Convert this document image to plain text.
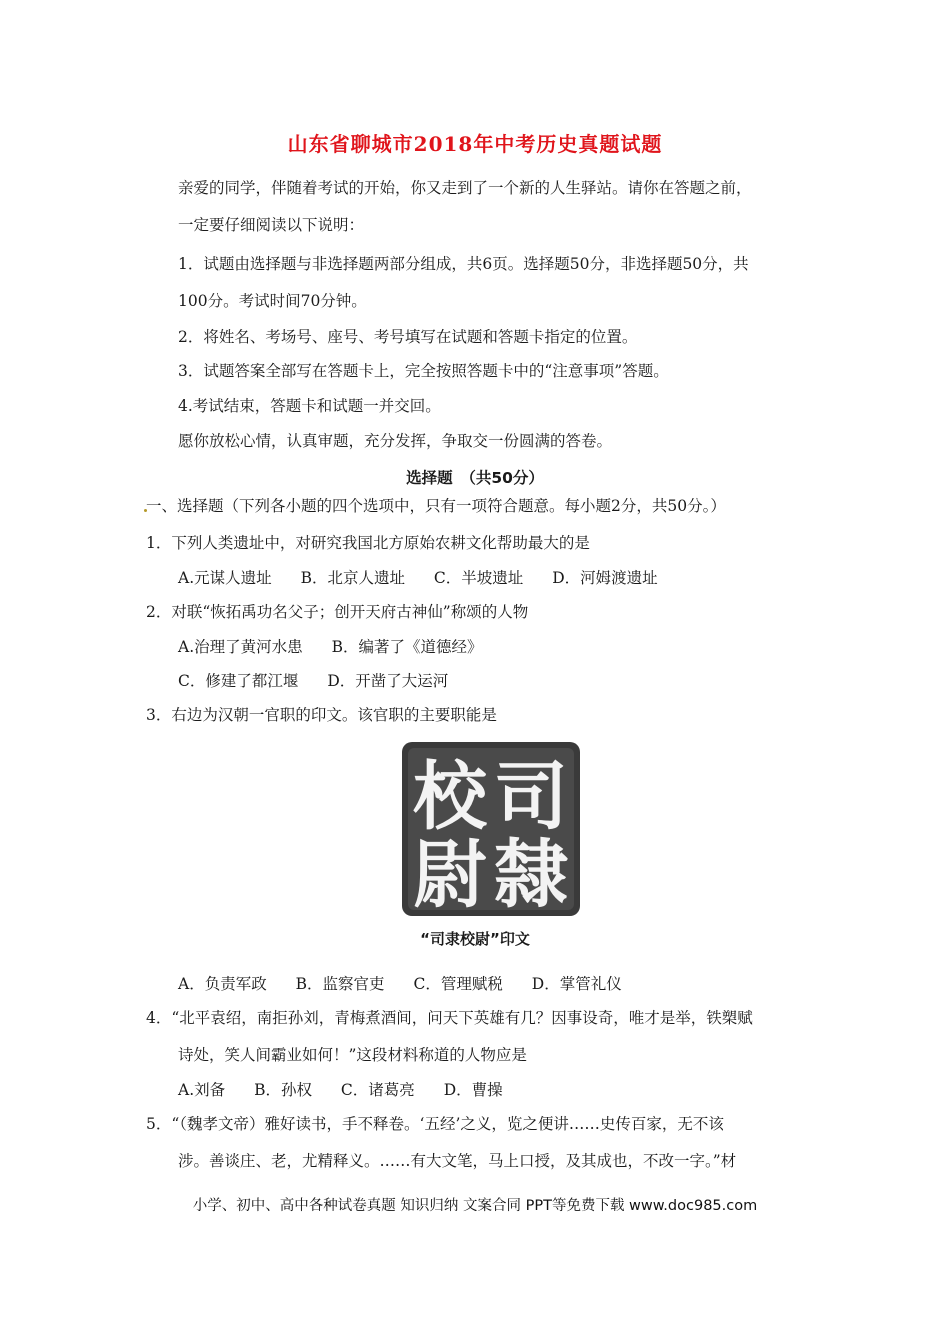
山东省聊城市2018年中考历史真题试题
亲爱的同学，伴随着考试的开始，你又走到了一个新的人生驿站。请你在答题之前，
一定要仔细阅读以下说明：
1．试题由选择题与非选择题两部分组成，共6页。选择题50分，非选择题50分，共
100分。考试时间70分钟。
2．将姓名、考场号、座号、考号填写在试题和答题卡指定的位置。
3．试题答案全部写在答题卡上，完全按照答题卡中的“注意事项”答题。
4.考试结束，答题卡和试题一并交回。
愿你放松心情，认真审题，充分发挥，争取交一份圆满的答卷。
选择题　（共50分）
一、选择题（下列各小题的四个选项中，只有一项符合题意。每小题2分，共50分。）
1．下列人类遗址中，对研究我国北方原始农耕文化帮助最大的是
A.元谋人遗址 B．北京人遗址 C．半坡遗址 D．河姆渡遗址
2．对联“恢拓禹功名父子；创开天府古神仙”称颂的人物
A.治理了黄河水患 B．编著了《道德经》
C．修建了都江堰 D．开凿了大运河
3．右边为汉朝一官职的印文。该官职的主要职能是
司
隸
校
尉
“司隶校尉”印文
A．负责军政 B．监察官吏 C．管理赋税 D．掌管礼仪
4．“北平袁绍，南拒孙刘，青梅煮酒间，问天下英雄有几？因事设奇，唯才是举，铁槊赋
诗处，笑人间霸业如何！”这段材料称道的人物应是
A.刘备 B．孙权 C．诸葛亮 D．曹操
5．“（魏孝文帝）雅好读书，手不释卷。‘五经’之义，览之便讲……史传百家，无不该
涉。善谈庄、老，尤精释义。……有大文笔，马上口授，及其成也，不改一字。”材
小学、初中、高中各种试卷真题 知识归纳 文案合同 PPT等免费下载 www.doc985.com
